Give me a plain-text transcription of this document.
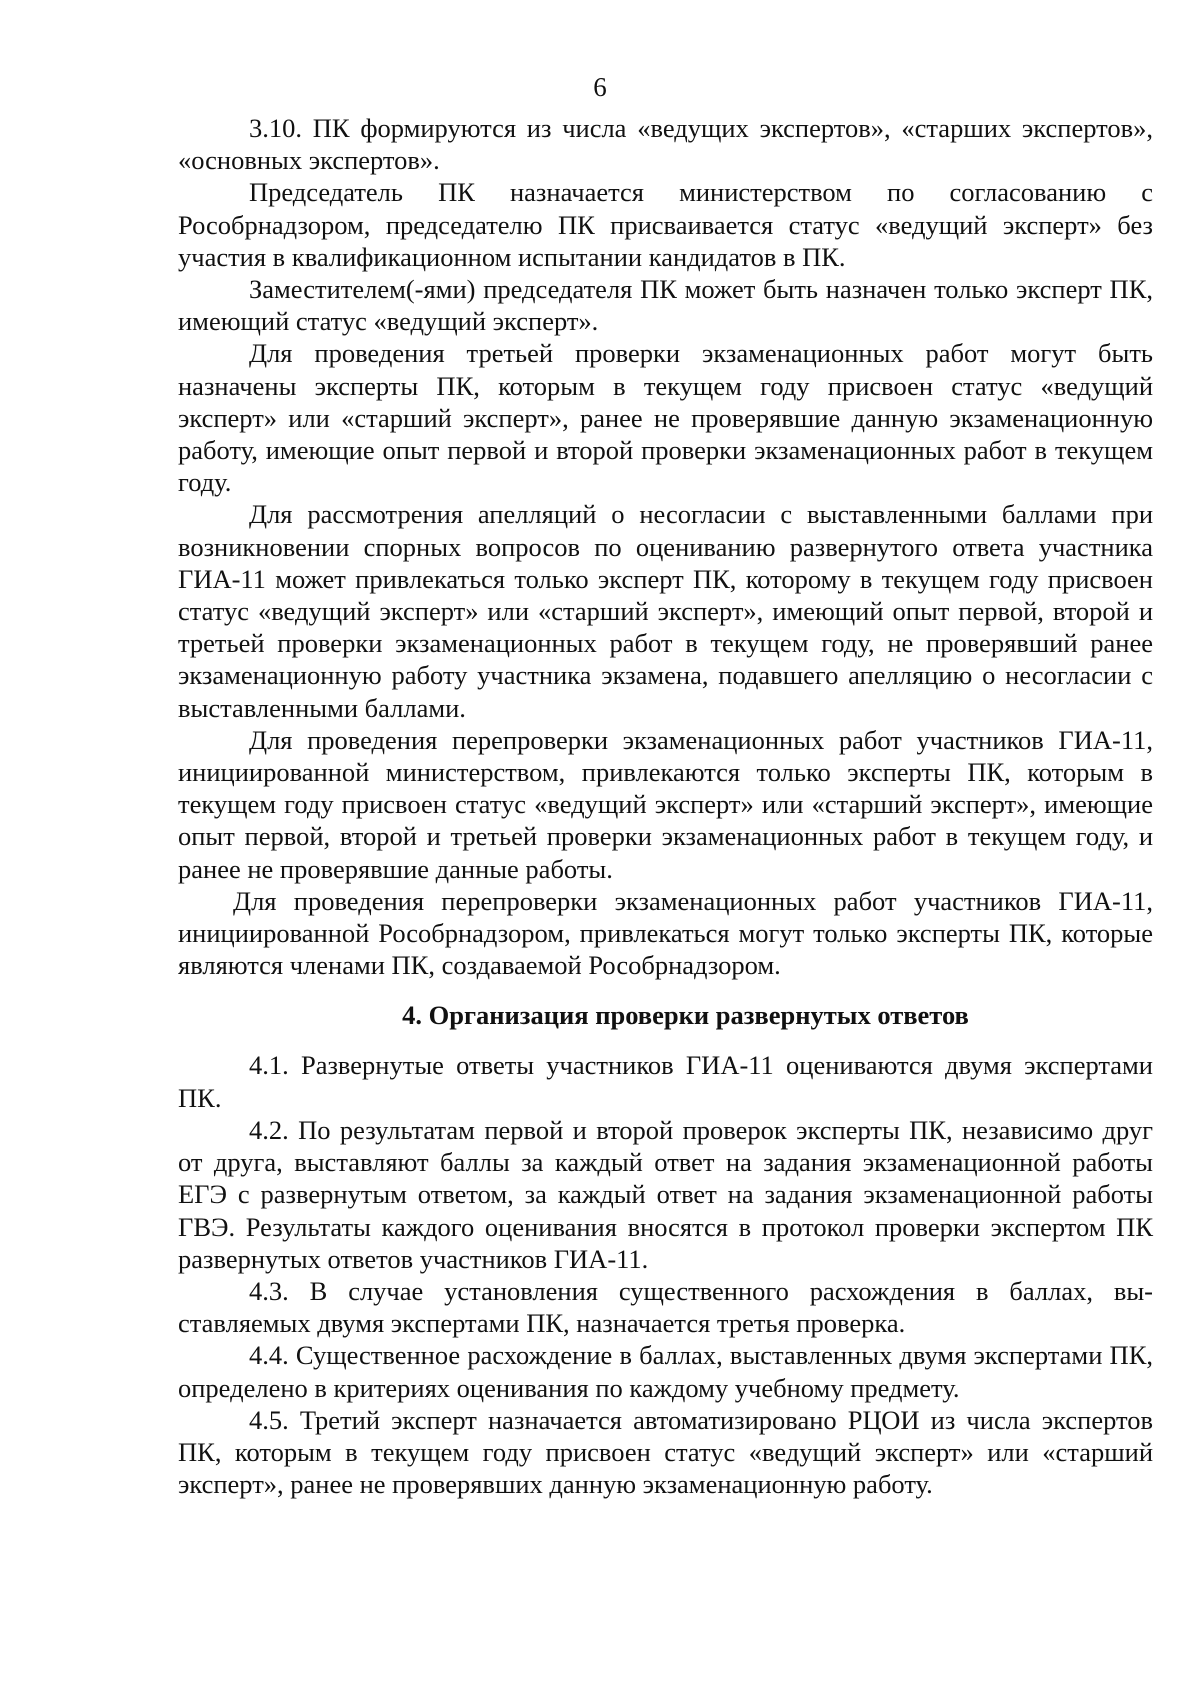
6

3.10. ПК формируются из числа «ведущих экспертов», «старших экспертов», «основных экспертов».

Председатель ПК назначается министерством по согласованию с Рособрнадзором, председателю ПК присваивается статус «ведущий эксперт» без участия в квалификационном испытании кандидатов в ПК.

Заместителем(-ями) председателя ПК может быть назначен только эксперт ПК, имеющий статус «ведущий эксперт».

Для проведения третьей проверки экзаменационных работ могут быть назначены эксперты ПК, которым в текущем году присвоен статус «ведущий эксперт» или «старший эксперт», ранее не проверявшие данную экзаменационную работу, имеющие опыт первой и второй проверки экзаменационных работ в текущем году.

Для рассмотрения апелляций о несогласии с выставленными баллами при возникновении спорных вопросов по оцениванию развернутого ответа участника ГИА-11 может привлекаться только эксперт ПК, которому в текущем году присвоен статус «ведущий эксперт» или «старший эксперт», имеющий опыт первой, второй и третьей проверки экзаменационных работ в текущем году, не проверявший ранее экзаменационную работу участника экзамена, подавшего апелляцию о несогласии с выставленными баллами.

Для проведения перепроверки экзаменационных работ участников ГИА-11, инициированной министерством, привлекаются только эксперты ПК, которым в текущем году присвоен статус «ведущий эксперт» или «старший эксперт», имеющие опыт первой, второй и третьей проверки экзаменационных работ в текущем году, и ранее не проверявшие данные работы.

Для проведения перепроверки экзаменационных работ участников ГИА-11, инициированной Рособрнадзором, привлекаться могут только эксперты ПК, которые являются членами ПК, создаваемой Рособрнадзором.

4. Организация проверки развернутых ответов

4.1. Развернутые ответы участников ГИА-11 оцениваются двумя экспертами ПК.

4.2. По результатам первой и второй проверок эксперты ПК, независимо друг от друга, выставляют баллы за каждый ответ на задания экзаменационной работы ЕГЭ с развернутым ответом, за каждый ответ на задания экзаменационной работы ГВЭ. Результаты каждого оценивания вносятся в протокол проверки экспертом ПК развернутых ответов участников ГИА-11.

4.3. В случае установления существенного расхождения в баллах, выставляемых двумя экспертами ПК, назначается третья проверка.

4.4. Существенное расхождение в баллах, выставленных двумя экспертами ПК, определено в критериях оценивания по каждому учебному предмету.

4.5. Третий эксперт назначается автоматизировано РЦОИ из числа экспертов ПК, которым в текущем году присвоен статус «ведущий эксперт» или «старший эксперт», ранее не проверявших данную экзаменационную работу.
